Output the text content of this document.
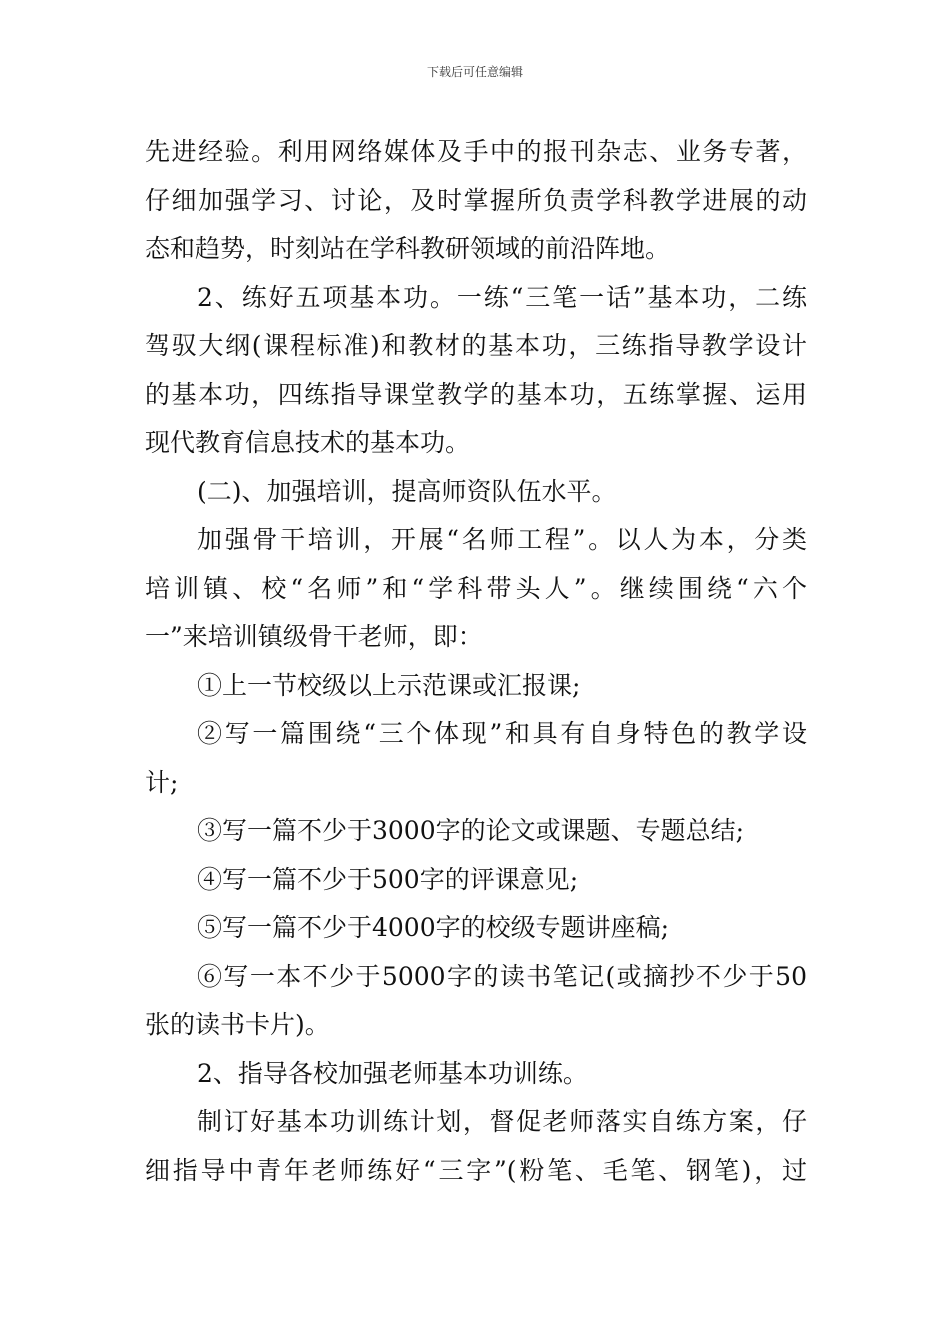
下载后可任意编辑
先进经验。利用网络媒体及手中的报刊杂志、业务专著，
仔细加强学习、讨论，及时掌握所负责学科教学进展的动
态和趋势，时刻站在学科教研领域的前沿阵地。
2、练好五项基本功。一练“三笔一话”基本功，二练
驾驭大纲(课程标准)和教材的基本功，三练指导教学设计
的基本功，四练指导课堂教学的基本功，五练掌握、运用
现代教育信息技术的基本功。
(二)、加强培训，提高师资队伍水平。
加强骨干培训，开展“名师工程”。以人为本，分类
培训镇、校“名师”和“学科带头人”。继续围绕“六个
一”来培训镇级骨干老师，即：
①上一节校级以上示范课或汇报课;
②写一篇围绕“三个体现”和具有自身特色的教学设
计;
③写一篇不少于3000字的论文或课题、专题总结;
④写一篇不少于500字的评课意见;
⑤写一篇不少于4000字的校级专题讲座稿;
⑥写一本不少于5000字的读书笔记(或摘抄不少于50
张的读书卡片)。
2、指导各校加强老师基本功训练。
制订好基本功训练计划，督促老师落实自练方案，仔
细指导中青年老师练好“三字”(粉笔、毛笔、钢笔)，过
